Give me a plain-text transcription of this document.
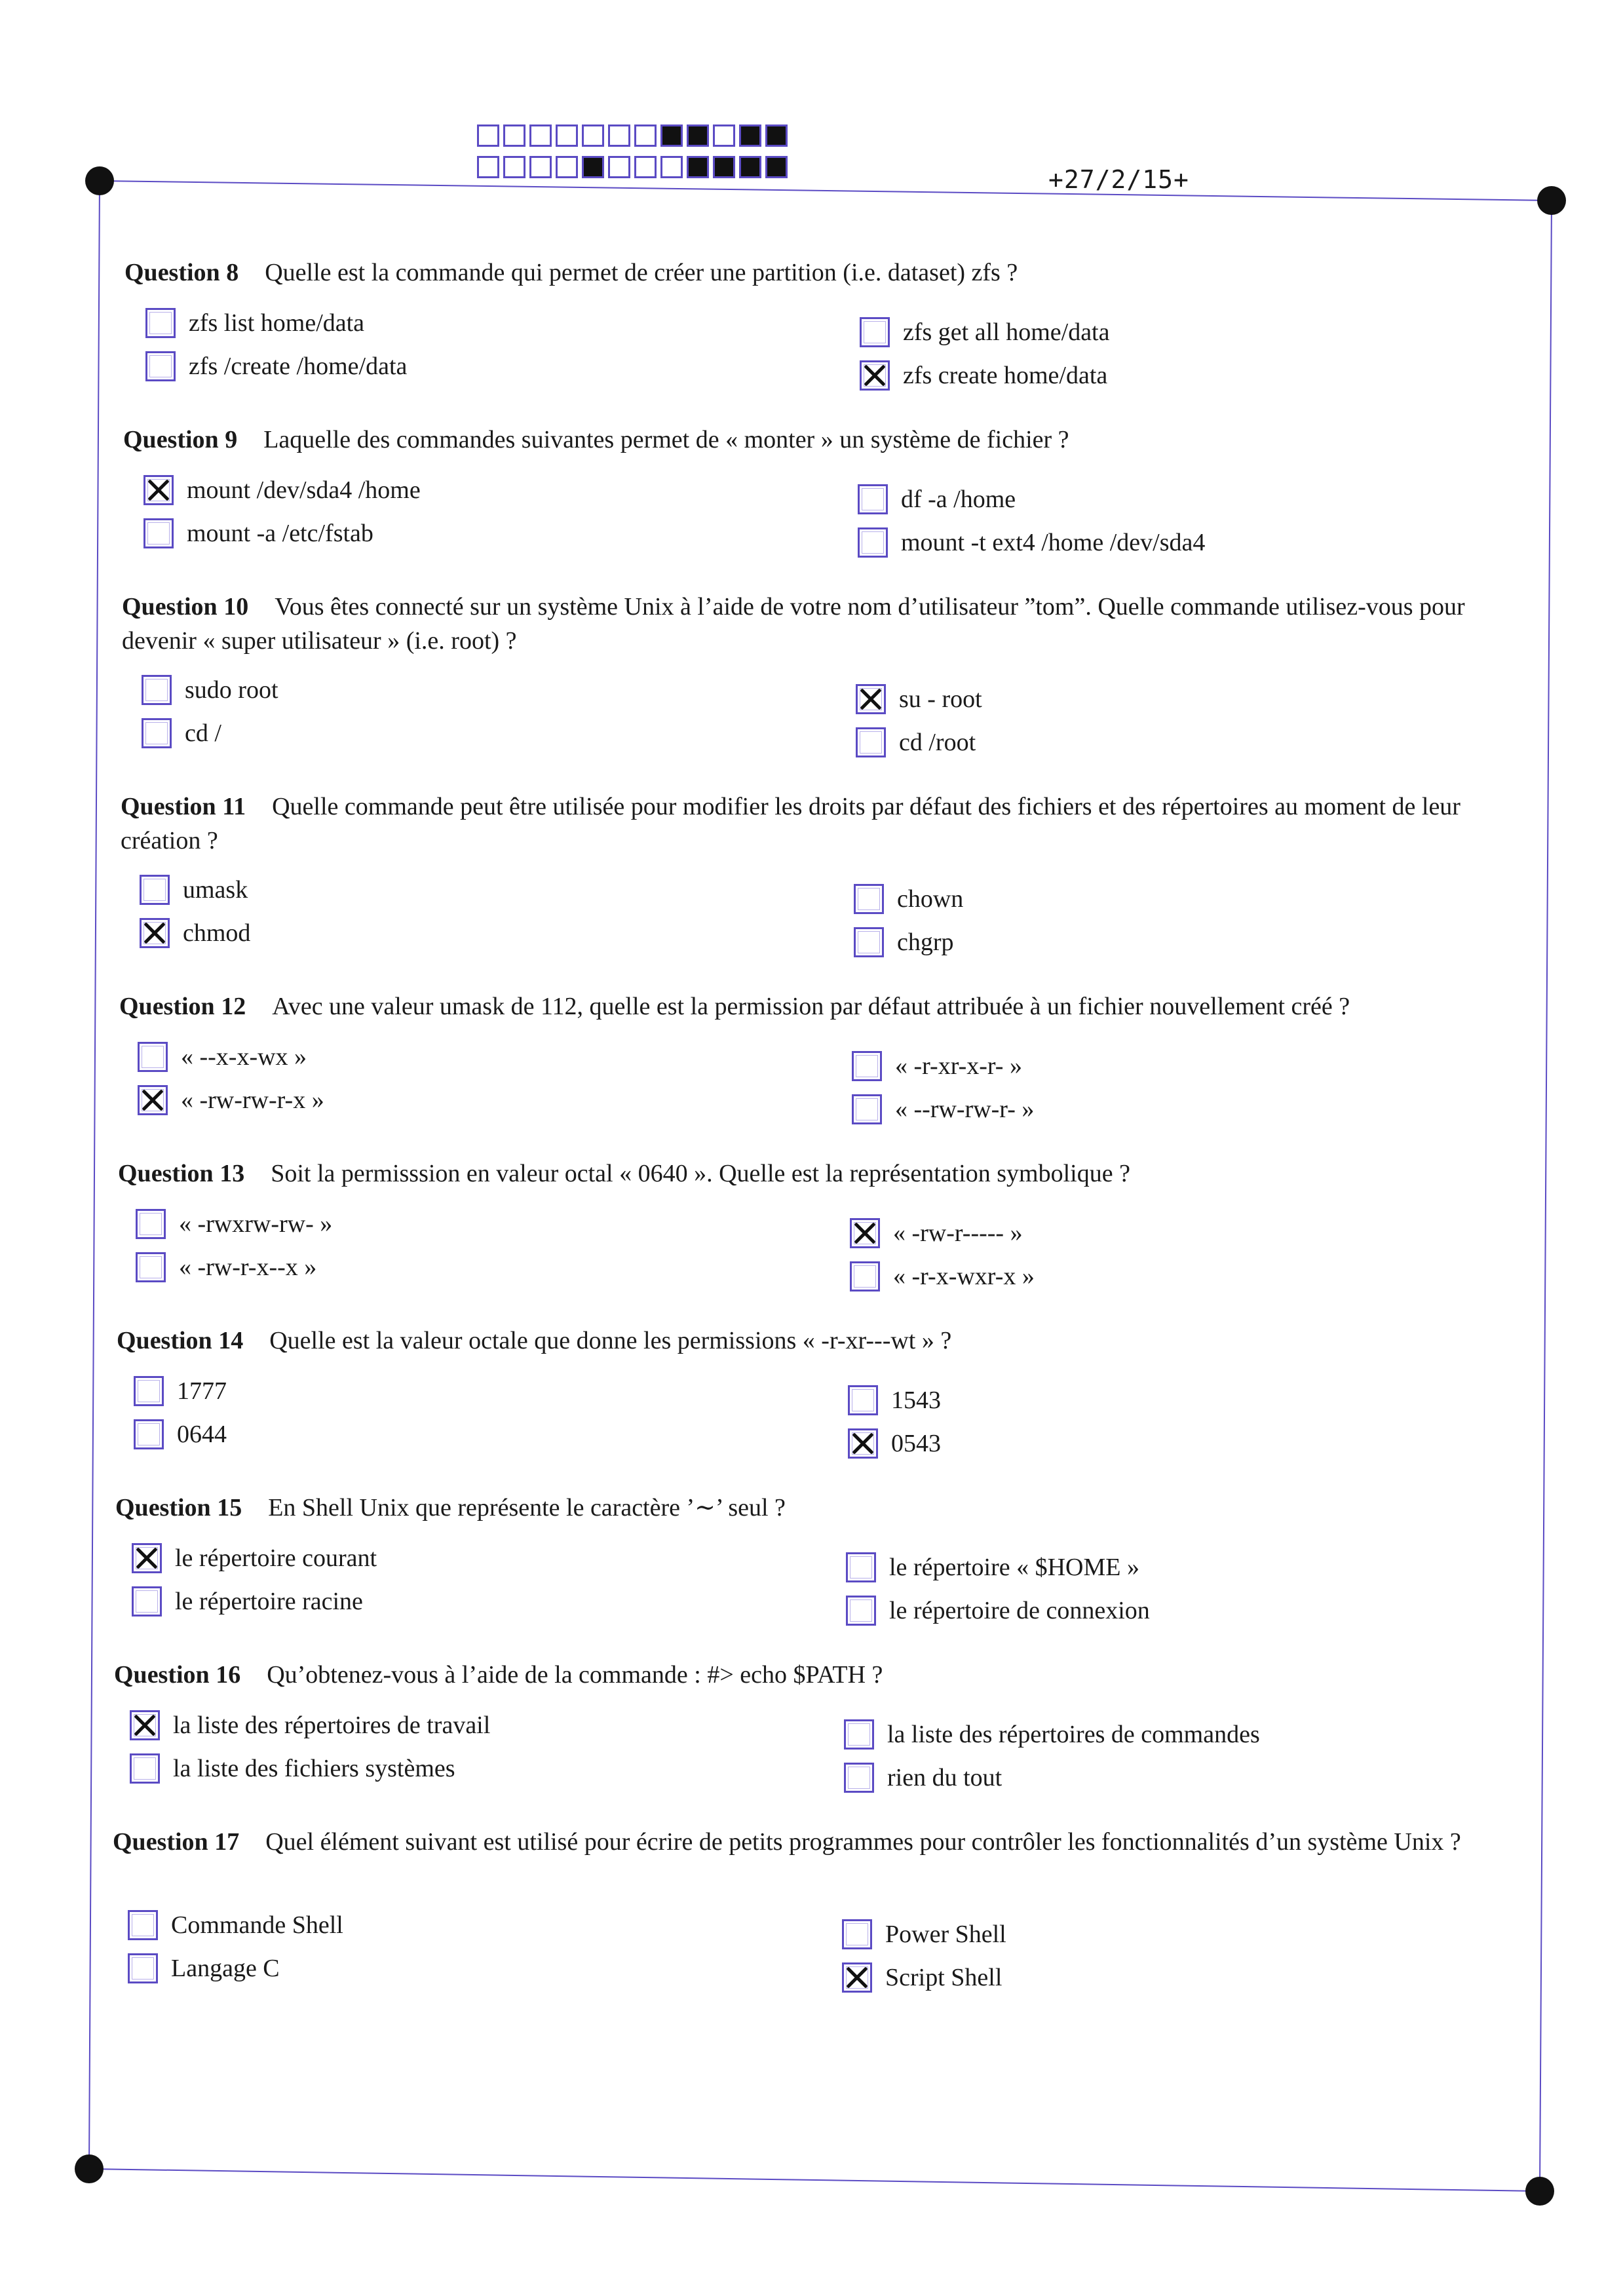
+27/2/15+
Question 8 Quelle est la commande qui permet de créer une partition (i.e. dataset) zfs ?
zfs list home/data
zfs /create /home/data
zfs get all home/data
zfs create home/data
Question 9 Laquelle des commandes suivantes permet de « monter » un système de fichier ?
mount /dev/sda4 /home
mount -a /etc/fstab
df -a /home
mount -t ext4 /home /dev/sda4
Question 10 Vous êtes connecté sur un système Unix à l’aide de votre nom d’utilisateur ”tom”. Quelle commande utilisez-vous pour devenir « super utilisateur » (i.e. root) ?
sudo root
cd /
su - root
cd /root
Question 11 Quelle commande peut être utilisée pour modifier les droits par défaut des fichiers et des répertoires au moment de leur création ?
umask
chmod
chown
chgrp
Question 12 Avec une valeur umask de 112, quelle est la permission par défaut attribuée à un fichier nouvellement créé ?
« --x-x-wx »
« -rw-rw-r-x »
« -r-xr-x-r- »
« --rw-rw-r- »
Question 13 Soit la permisssion en valeur octal « 0640 ». Quelle est la représentation symbolique ?
« -rwxrw-rw- »
« -rw-r-x--x »
« -rw-r----- »
« -r-x-wxr-x »
Question 14 Quelle est la valeur octale que donne les permissions « -r-xr---wt » ?
1777
0644
1543
0543
Question 15 En Shell Unix que représente le caractère ’∼’ seul ?
le répertoire courant
le répertoire racine
le répertoire « $HOME »
le répertoire de connexion
Question 16 Qu’obtenez-vous à l’aide de la commande : #> echo $PATH ?
la liste des répertoires de travail
la liste des fichiers systèmes
la liste des répertoires de commandes
rien du tout
Question 17 Quel élément suivant est utilisé pour écrire de petits programmes pour contrôler les fonctionnalités d’un système Unix ?
Commande Shell
Langage C
Power Shell
Script Shell
